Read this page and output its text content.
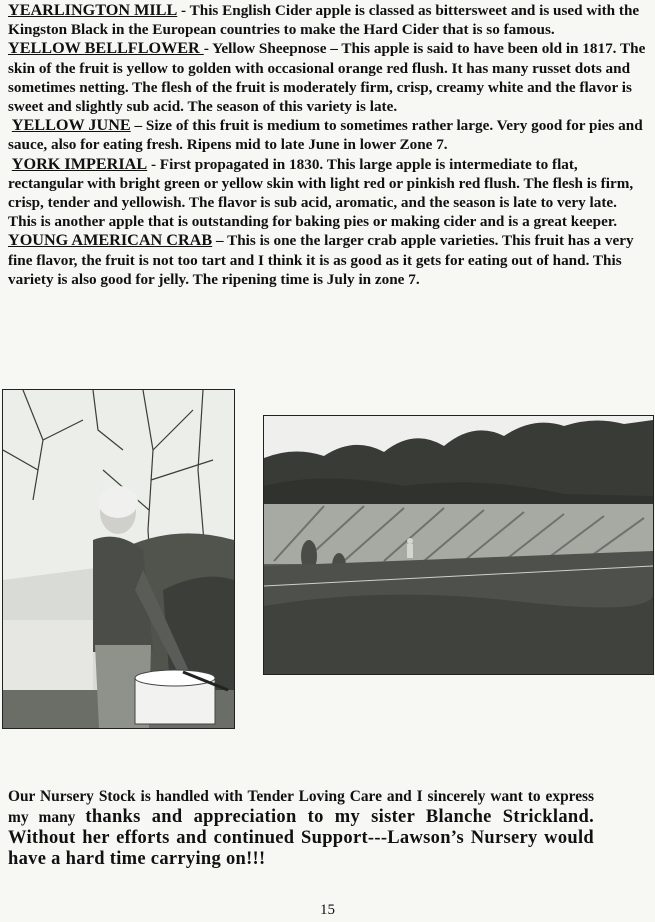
YEARLINGTON MILL - This English Cider apple is classed as bittersweet and is used with the Kingston Black in the European countries to make the Hard Cider that is so famous.

YELLOW BELLFLOWER - Yellow Sheepnose – This apple is said to have been old in 1817. The skin of the fruit is yellow to golden with occasional orange red flush. It has many russet dots and sometimes netting. The flesh of the fruit is moderately firm, crisp, creamy white and the flavor is sweet and slightly sub acid. The season of this variety is late.

YELLOW JUNE – Size of this fruit is medium to sometimes rather large. Very good for pies and sauce, also for eating fresh. Ripens mid to late June in lower Zone 7.

YORK IMPERIAL - First propagated in 1830. This large apple is intermediate to flat, rectangular with bright green or yellow skin with light red or pinkish red flush. The flesh is firm, crisp, tender and yellowish. The flavor is sub acid, aromatic, and the season is late to very late. This is another apple that is outstanding for baking pies or making cider and is a great keeper.

YOUNG AMERICAN CRAB – This is one the larger crab apple varieties. This fruit has a very fine flavor, the fruit is not too tart and I think it is as good as it gets for eating out of hand. This variety is also good for jelly. The ripening time is July in zone 7.

Our Nursery Stock is handled with Tender Loving Care and I sincerely want to express my many thanks and appreciation to my sister Blanche Strickland. Without her efforts and continued Support---Lawson’s Nursery would have a hard time carrying on!!!

15
